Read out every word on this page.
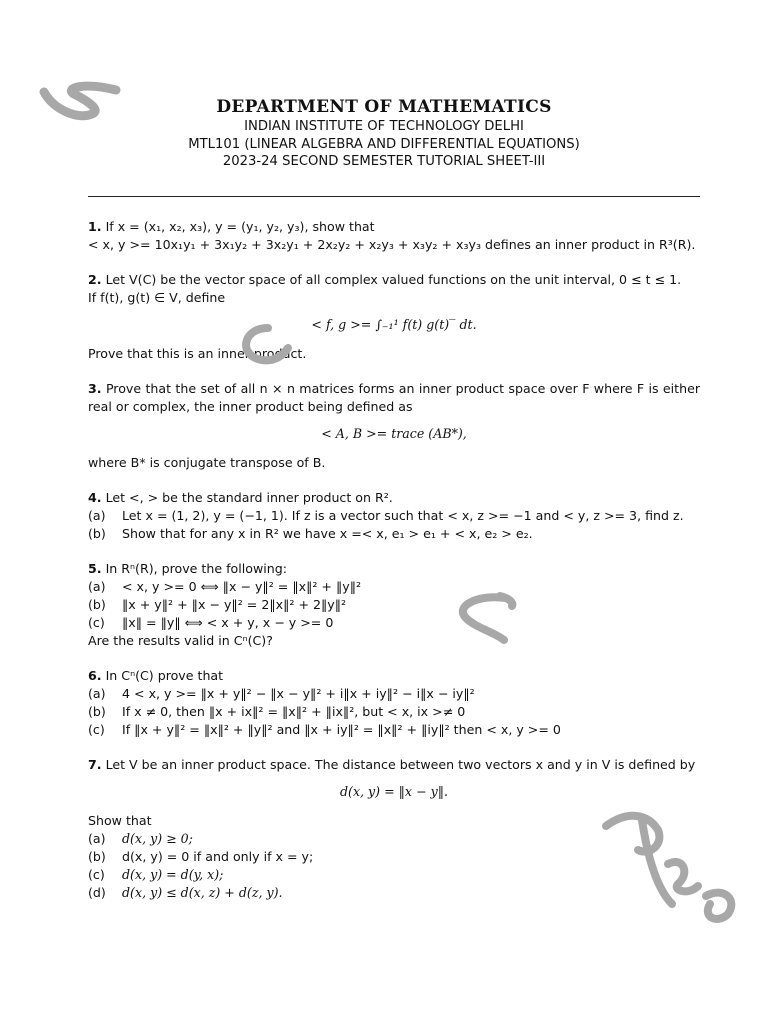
DEPARTMENT OF MATHEMATICS
INDIAN INSTITUTE OF TECHNOLOGY DELHI
MTL101 (LINEAR ALGEBRA AND DIFFERENTIAL EQUATIONS)
2023-24 SECOND SEMESTER TUTORIAL SHEET-III

1. If x = (x₁, x₂, x₃), y = (y₁, y₂, y₃), show that

< x, y >= 10x₁y₁ + 3x₁y₂ + 3x₂y₁ + 2x₂y₂ + x₂y₃ + x₃y₂ + x₃y₃ defines an inner product in R³(R).

2. Let V(C) be the vector space of all complex valued functions on the unit interval, 0 ≤ t ≤ 1.

If f(t), g(t) ∈ V, define

< f, g >= ∫₋₁¹ f(t) g(t)‾ dt.

Prove that this is an inner product.

3. Prove that the set of all n × n matrices forms an inner product space over F where F is either real or complex, the inner product being defined as

< A, B >= trace (AB*),

where B* is conjugate transpose of B.

4. Let <, > be the standard inner product on R².

(a)	Let x = (1, 2), y = (−1, 1). If z is a vector such that < x, z >= −1 and < y, z >= 3, find z.
(b)	Show that for any x in R² we have x =< x, e₁ > e₁ + < x, e₂ > e₂.

5. In Rⁿ(R), prove the following:

(a)	< x, y >= 0 ⟺ ‖x − y‖² = ‖x‖² + ‖y‖²
(b)	‖x + y‖² + ‖x − y‖² = 2‖x‖² + 2‖y‖²
(c)	‖x‖ = ‖y‖ ⟺ < x + y, x − y >= 0

Are the results valid in Cⁿ(C)?

6. In Cⁿ(C) prove that

(a)	4 < x, y >= ‖x + y‖² − ‖x − y‖² + i‖x + iy‖² − i‖x − iy‖²
(b)	If x ≠ 0, then ‖x + ix‖² = ‖x‖² + ‖ix‖², but < x, ix >≠ 0
(c)	If ‖x + y‖² = ‖x‖² + ‖y‖² and ‖x + iy‖² = ‖x‖² + ‖iy‖² then < x, y >= 0

7. Let V be an inner product space. The distance between two vectors x and y in V is defined by

d(x, y) = ‖x − y‖.

Show that

(a)	d(x, y) ≥ 0;
(b)	d(x, y) = 0 if and only if x = y;
(c)	d(x, y) = d(y, x);
(d)	d(x, y) ≤ d(x, z) + d(z, y).
